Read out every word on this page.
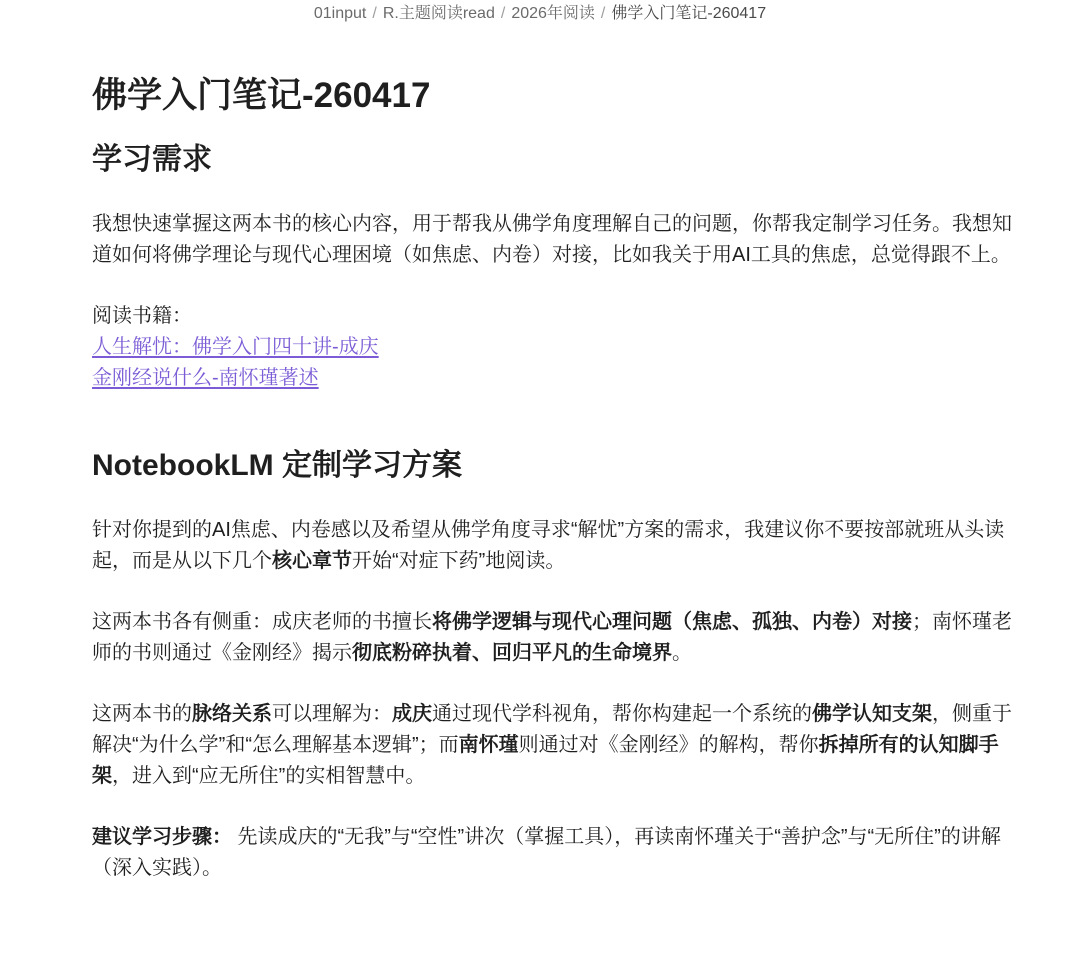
01input / R.主题阅读read / 2026年阅读 / 佛学入门笔记-260417
佛学入门笔记-260417
学习需求

我想快速掌握这两本书的核心内容，用于帮我从佛学角度理解自己的问题，你帮我定制学习任务。我想知道如何将佛学理论与现代心理困境（如焦虑、内卷）对接，比如我关于用AI工具的焦虑，总觉得跟不上。

阅读书籍：

人生解忧：佛学入门四十讲-成庆
金刚经说什么-南怀瑾著述
NotebookLM 定制学习方案

针对你提到的AI焦虑、内卷感以及希望从佛学角度寻求“解忧”方案的需求，我建议你不要按部就班从头读起，而是从以下几个核心章节开始“对症下药”地阅读。

这两本书各有侧重：成庆老师的书擅长将佛学逻辑与现代心理问题（焦虑、孤独、内卷）对接；南怀瑾老师的书则通过《金刚经》揭示彻底粉碎执着、回归平凡的生命境界。

这两本书的脉络关系可以理解为：成庆通过现代学科视角，帮你构建起一个系统的佛学认知支架，侧重于解决“为什么学”和“怎么理解基本逻辑”；而南怀瑾则通过对《金刚经》的解构，帮你拆掉所有的认知脚手架，进入到“应无所住”的实相智慧中。

建议学习步骤： 先读成庆的“无我”与“空性”讲次（掌握工具），再读南怀瑾关于“善护念”与“无所住”的讲解（深入实践）。
